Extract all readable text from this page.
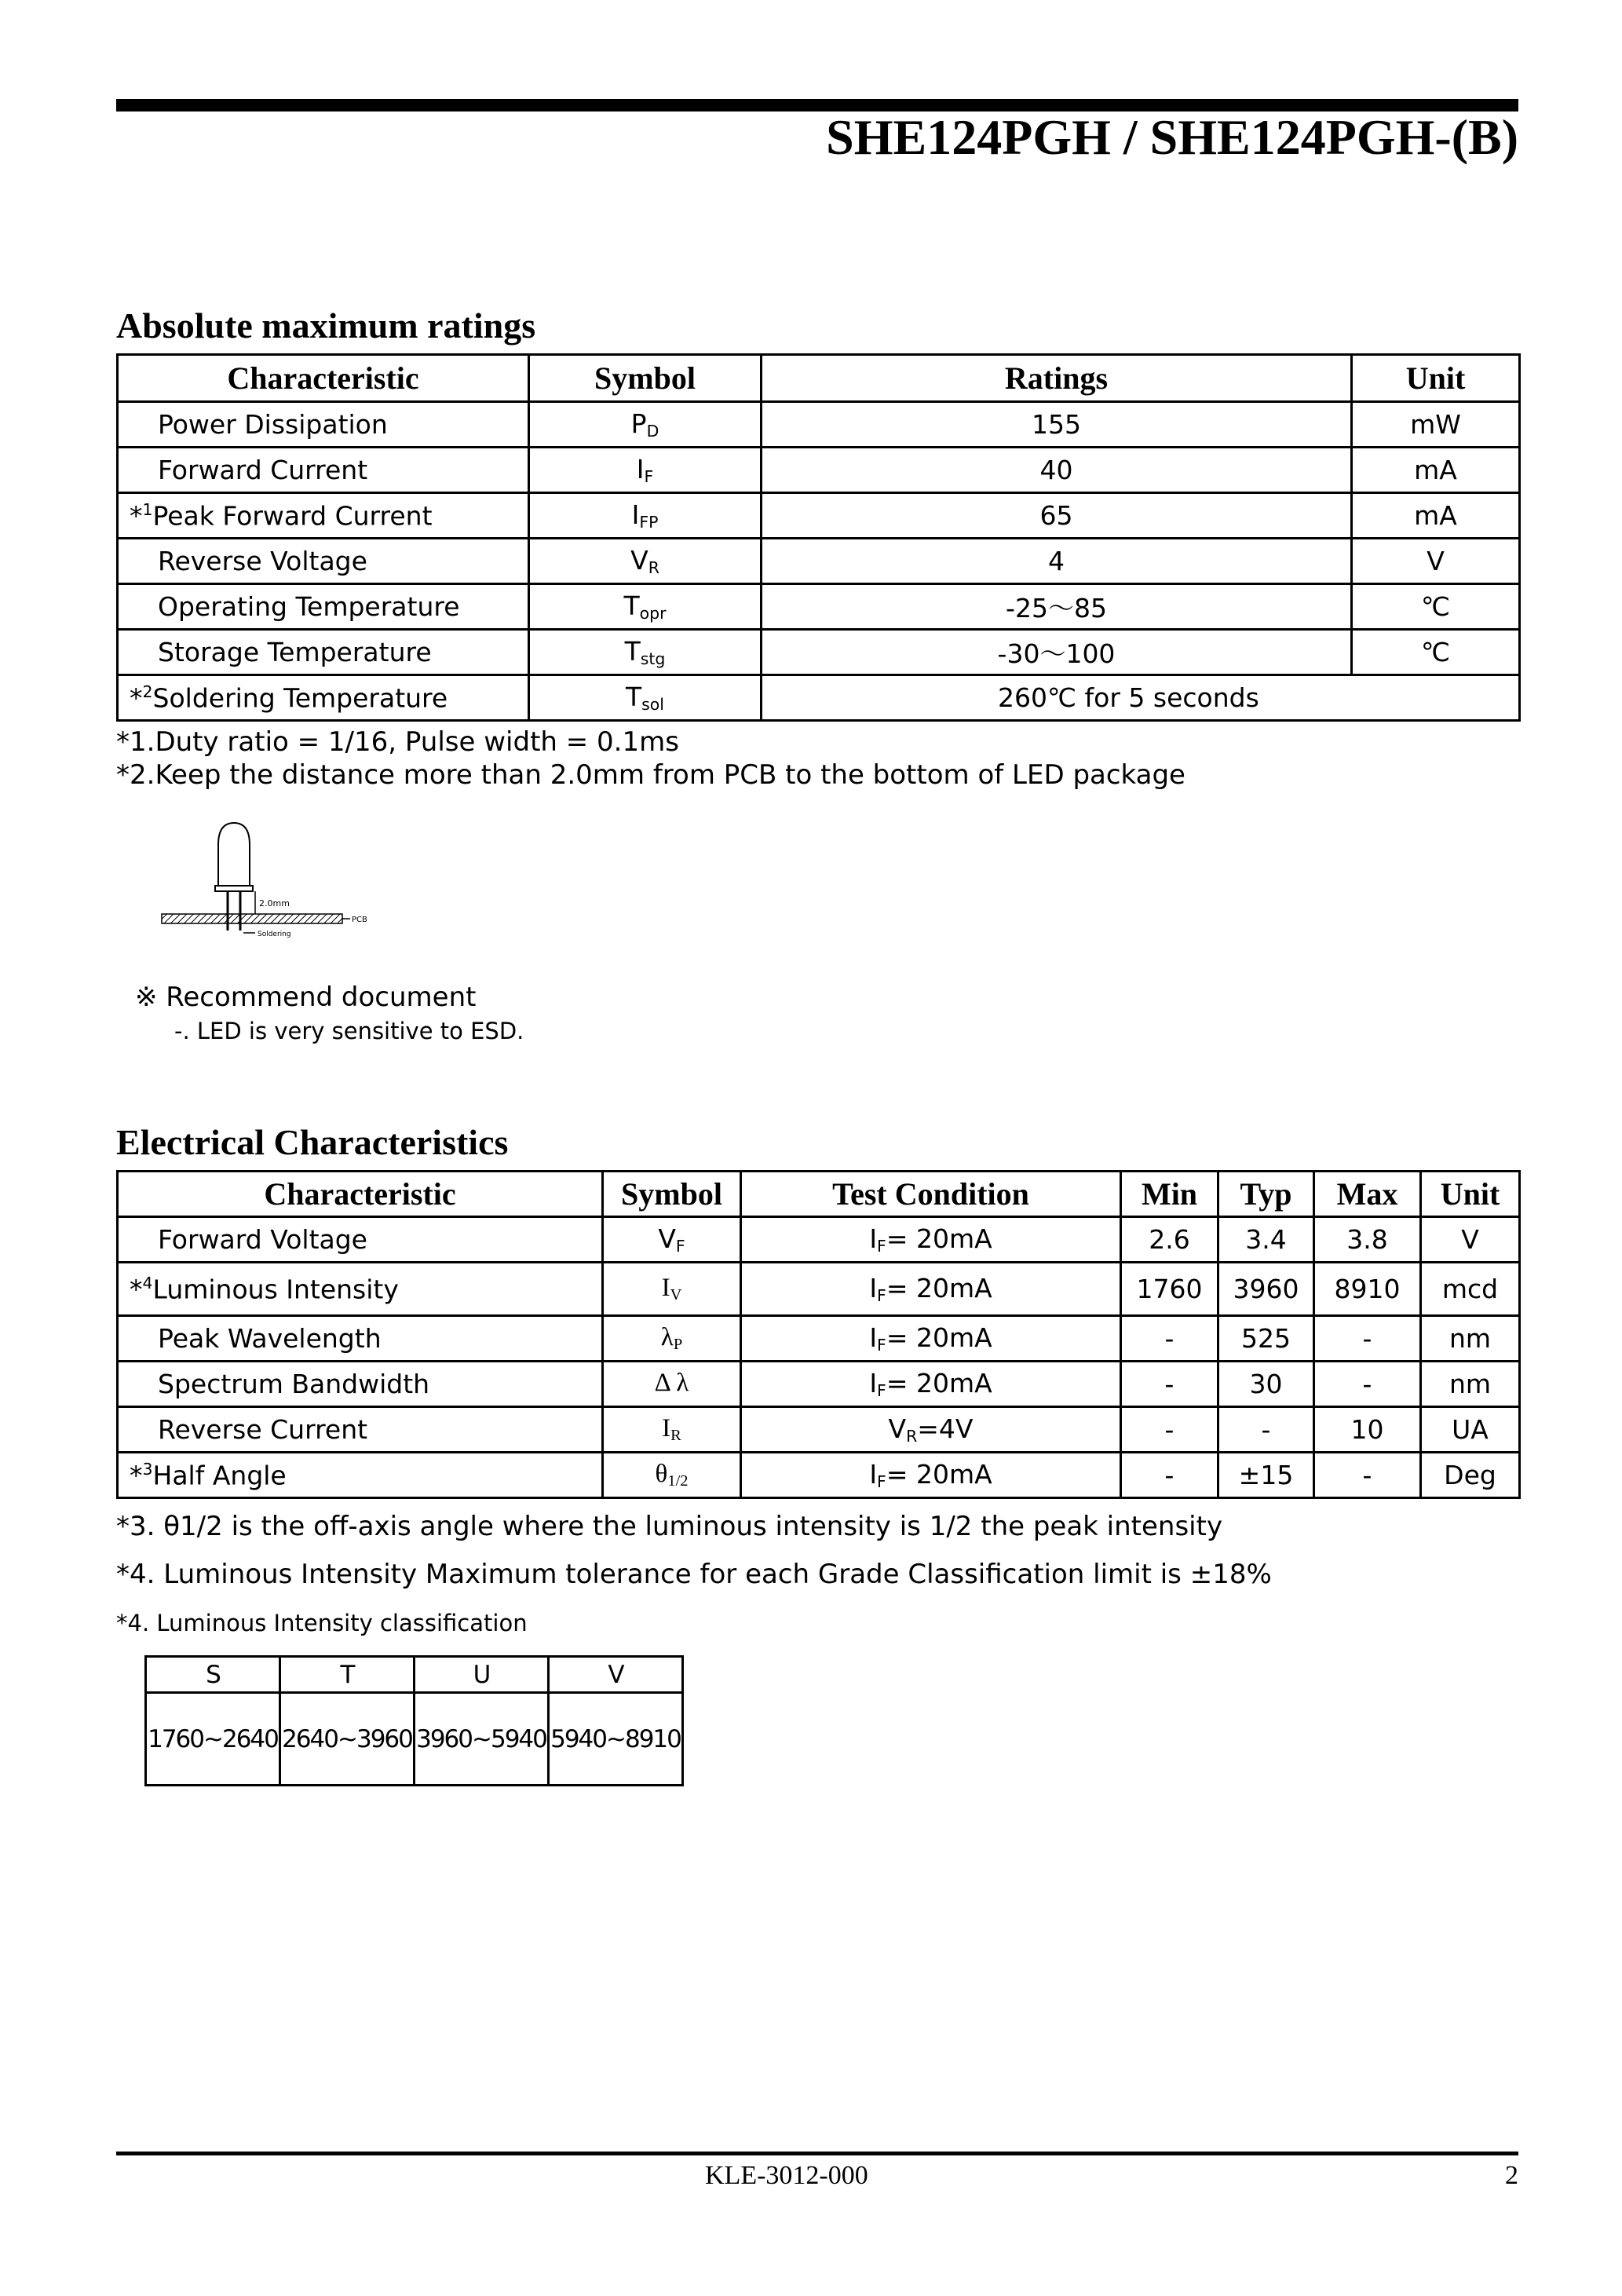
SHE124PGH / SHE124PGH-(B)
Absolute maximum ratings
Characteristic	Symbol	Ratings	Unit
Power Dissipation	$P_D$	155	mW
Forward Current	$I_F$	40	mA
*$^1$Peak Forward Current	$I_{FP}$	65	mA
Reverse Voltage	$V_R$	4	V
Operating Temperature	$T_{opr}$	-25～85	℃
Storage Temperature	$T_{stg}$	-30～100	℃
*$^2$Soldering Temperature	$T_{sol}$	260℃ for 5 seconds	
*1.Duty ratio = 1/16, Pulse width = 0.1ms
*2.Keep the distance more than 2.0mm from PCB to the bottom of LED package
2.0mm
PCB
Soldering
※ Recommend document
-. LED is very sensitive to ESD.
Electrical Characteristics
Characteristic	Symbol	Test Condition	Min	Typ	Max	Unit
Forward Voltage	$V_F$	$I_F= 20mA$	2.6	3.4	3.8	V
*$^4$Luminous Intensity	$I_V$	$I_F= 20mA$	1760	3960	8910	mcd
Peak Wavelength	$\lambda_P$	$I_F= 20mA$	-	525	-	nm
Spectrum Bandwidth	Δ λ	$I_F= 20mA$	-	30	-	nm
Reverse Current	$I_R$	$V_R=4V$	-	-	10	UA
*$^3$Half Angle	$\theta_{1/2}$	$I_F= 20mA$	-	±15	-	Deg
*3. θ1/2 is the off-axis angle where the luminous intensity is 1/2 the peak intensity
*4. Luminous Intensity Maximum tolerance for each Grade Classification limit is ±18%
*4. Luminous Intensity classification
S	T	U	V
1760~2640	2640~3960	3960~5940	5940~8910
KLE-3012-000	2
